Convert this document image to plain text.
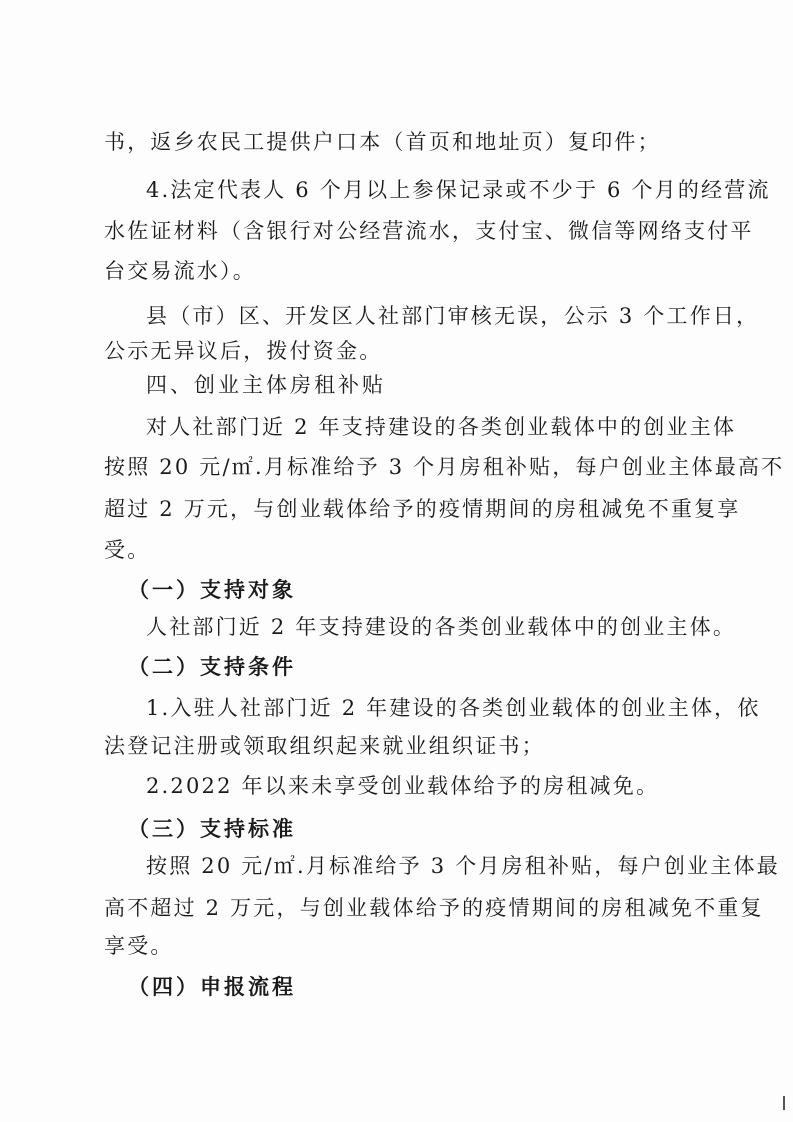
书，返乡农民工提供户口本（首页和地址页）复印件；
4.法定代表人 6 个月以上参保记录或不少于 6 个月的经营流
水佐证材料（含银行对公经营流水，支付宝、微信等网络支付平
台交易流水）。
县（市）区、开发区人社部门审核无误，公示 3 个工作日，
公示无异议后，拨付资金。
四、创业主体房租补贴
对人社部门近 2 年支持建设的各类创业载体中的创业主体
按照 20 元/㎡.月标准给予 3 个月房租补贴，每户创业主体最高不
超过 2 万元，与创业载体给予的疫情期间的房租减免不重复享
受。
（一）支持对象
人社部门近 2 年支持建设的各类创业载体中的创业主体。
（二）支持条件
1.入驻人社部门近 2 年建设的各类创业载体的创业主体，依
法登记注册或领取组织起来就业组织证书；
2.2022 年以来未享受创业载体给予的房租减免。
（三）支持标准
按照 20 元/㎡.月标准给予 3 个月房租补贴，每户创业主体最
高不超过 2 万元，与创业载体给予的疫情期间的房租减免不重复
享受。
（四）申报流程
